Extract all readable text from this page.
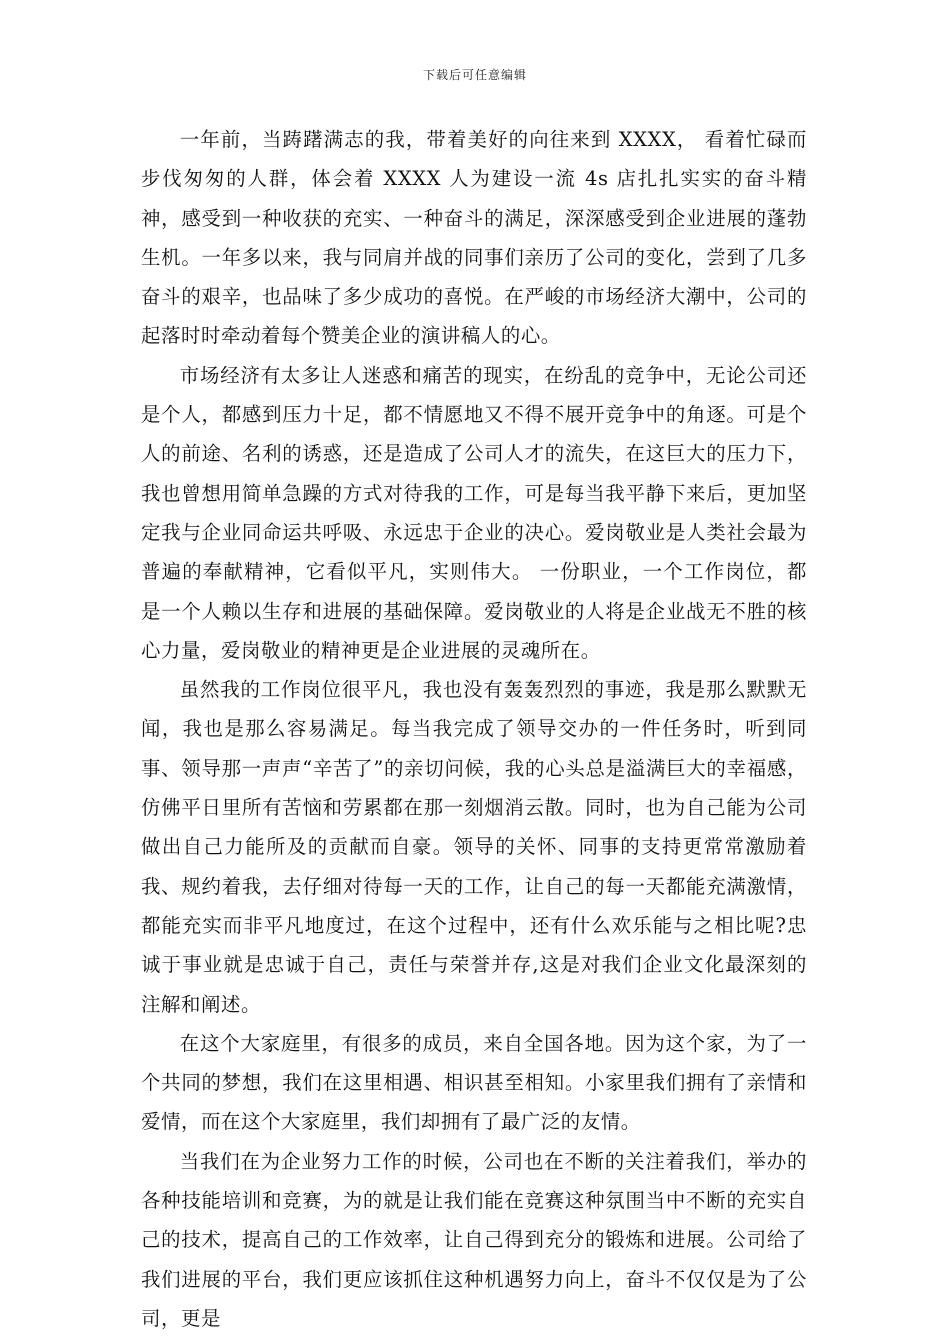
下载后可任意编辑

一年前，当踌躇满志的我，带着美好的向往来到 XXXX， 看着忙碌而步伐匆匆的人群，体会着 XXXX 人为建设一流 4s 店扎扎实实的奋斗精神，感受到一种收获的充实、一种奋斗的满足，深深感受到企业进展的蓬勃生机。一年多以来，我与同肩并战的同事们亲历了公司的变化，尝到了几多奋斗的艰辛，也品味了多少成功的喜悦。在严峻的市场经济大潮中，公司的起落时时牵动着每个赞美企业的演讲稿人的心。

市场经济有太多让人迷惑和痛苦的现实，在纷乱的竞争中，无论公司还是个人，都感到压力十足，都不情愿地又不得不展开竞争中的角逐。可是个人的前途、名利的诱惑，还是造成了公司人才的流失，在这巨大的压力下，我也曾想用简单急躁的方式对待我的工作，可是每当我平静下来后，更加坚定我与企业同命运共呼吸、永远忠于企业的决心。爱岗敬业是人类社会最为普遍的奉献精神，它看似平凡，实则伟大。 一份职业，一个工作岗位，都是一个人赖以生存和进展的基础保障。爱岗敬业的人将是企业战无不胜的核心力量，爱岗敬业的精神更是企业进展的灵魂所在。

虽然我的工作岗位很平凡，我也没有轰轰烈烈的事迹，我是那么默默无闻，我也是那么容易满足。每当我完成了领导交办的一件任务时，听到同事、领导那一声声“辛苦了”的亲切问候，我的心头总是溢满巨大的幸福感，仿佛平日里所有苦恼和劳累都在那一刻烟消云散。同时，也为自己能为公司做出自己力能所及的贡献而自豪。领导的关怀、同事的支持更常常激励着我、规约着我，去仔细对待每一天的工作，让自己的每一天都能充满激情，都能充实而非平凡地度过，在这个过程中，还有什么欢乐能与之相比呢?忠诚于事业就是忠诚于自己，责任与荣誉并存,这是对我们企业文化最深刻的注解和阐述。

在这个大家庭里，有很多的成员，来自全国各地。因为这个家，为了一个共同的梦想，我们在这里相遇、相识甚至相知。小家里我们拥有了亲情和爱情，而在这个大家庭里，我们却拥有了最广泛的友情。

当我们在为企业努力工作的时候，公司也在不断的关注着我们，举办的各种技能培训和竞赛，为的就是让我们能在竞赛这种氛围当中不断的充实自己的技术，提高自己的工作效率，让自己得到充分的锻炼和进展。公司给了我们进展的平台，我们更应该抓住这种机遇努力向上，奋斗不仅仅是为了公司，更是
